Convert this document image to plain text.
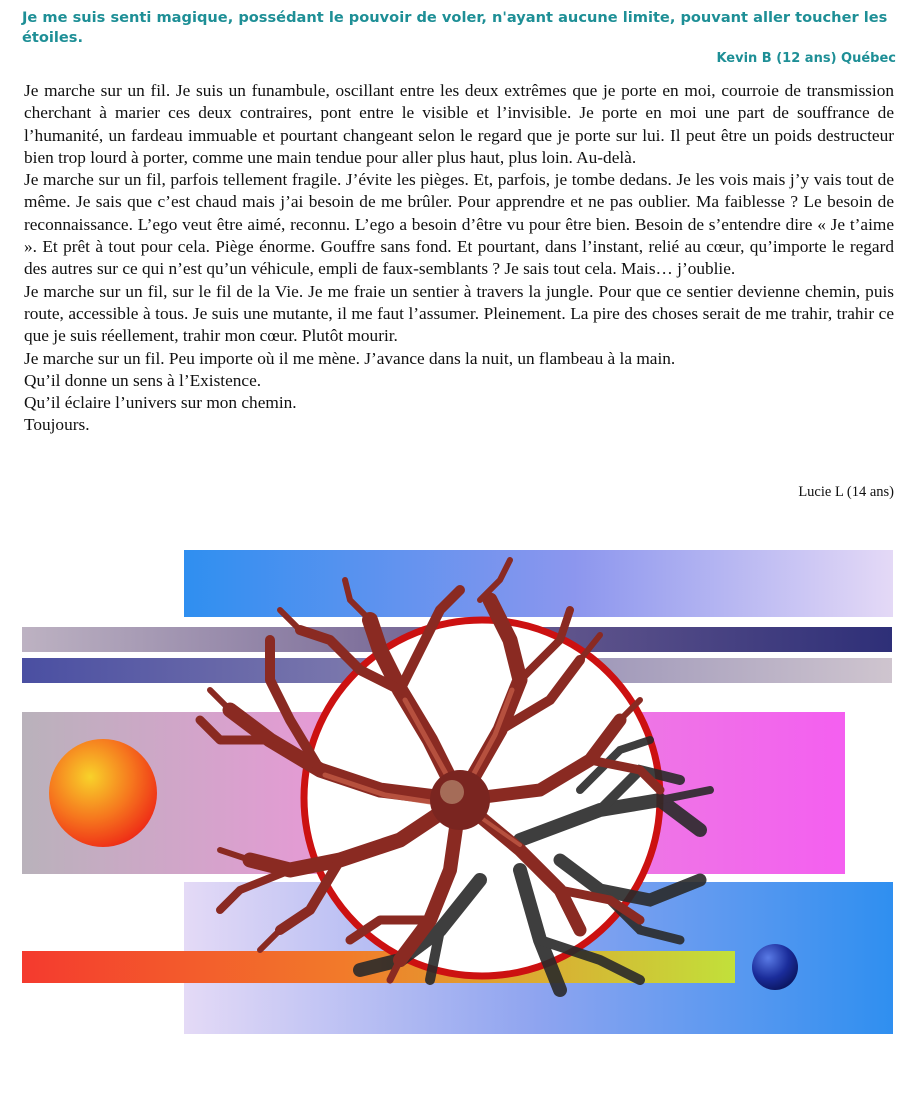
Je me suis senti magique, possédant le pouvoir de voler, n'ayant aucune limite, pouvant aller toucher les étoiles.
Kevin B (12 ans) Québec

Je marche sur un fil. Je suis un funambule, oscillant entre les deux extrêmes que je porte en moi, courroie de transmission cherchant à marier ces deux contraires, pont entre le visible et l’invisible. Je porte en moi une part de souffrance de l’humanité, un fardeau immuable et pourtant changeant selon le regard que je porte sur lui. Il peut être un poids destructeur bien trop lourd à porter, comme une main tendue pour aller plus haut, plus loin. Au-delà.

Je marche sur un fil, parfois tellement fragile. J’évite les pièges. Et, parfois, je tombe dedans. Je les vois mais j’y vais tout de même. Je sais que c’est chaud mais j’ai besoin de me brûler. Pour apprendre et ne pas oublier. Ma faiblesse ? Le besoin de reconnaissance. L’ego veut être aimé, reconnu. L’ego a besoin d’être vu pour être bien. Besoin de s’entendre dire « Je t’aime ». Et prêt à tout pour cela. Piège énorme. Gouffre sans fond. Et pourtant, dans l’instant, relié au cœur, qu’importe le regard des autres sur ce qui n’est qu’un véhicule, empli de faux-semblants ? Je sais tout cela. Mais… j’oublie.

Je marche sur un fil, sur le fil de la Vie. Je me fraie un sentier à travers la jungle. Pour que ce sentier devienne chemin, puis route, accessible à tous. Je suis une mutante, il me faut l’assumer. Pleinement. La pire des choses serait de me trahir, trahir ce que je suis réellement, trahir mon cœur. Plutôt mourir.

Je marche sur un fil. Peu importe où il me mène. J’avance dans la nuit, un flambeau à la main.

Qu’il donne un sens à l’Existence.

Qu’il éclaire l’univers sur mon chemin.

Toujours.

Lucie L (14 ans)
